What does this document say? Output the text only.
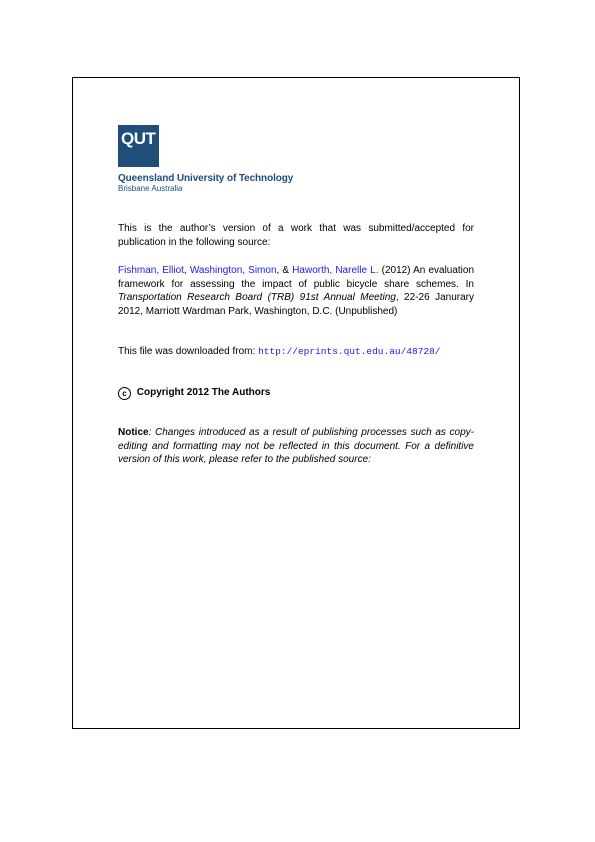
QUT
Queensland University of Technology
Brisbane Australia
This is the author’s version of a work that was submitted/accepted for publication in the following source:
Fishman, Elliot, Washington, Simon, & Haworth, Narelle L. (2012) An evaluation framework for assessing the impact of public bicycle share schemes. In Transportation Research Board (TRB) 91st Annual Meeting, 22-26 Janurary 2012, Marriott Wardman Park, Washington, D.C. (Unpublished)
This file was downloaded from: http://eprints.qut.edu.au/48728/
c Copyright 2012 The Authors
Notice: Changes introduced as a result of publishing processes such as copy-editing and formatting may not be reflected in this document. For a definitive version of this work, please refer to the published source:
